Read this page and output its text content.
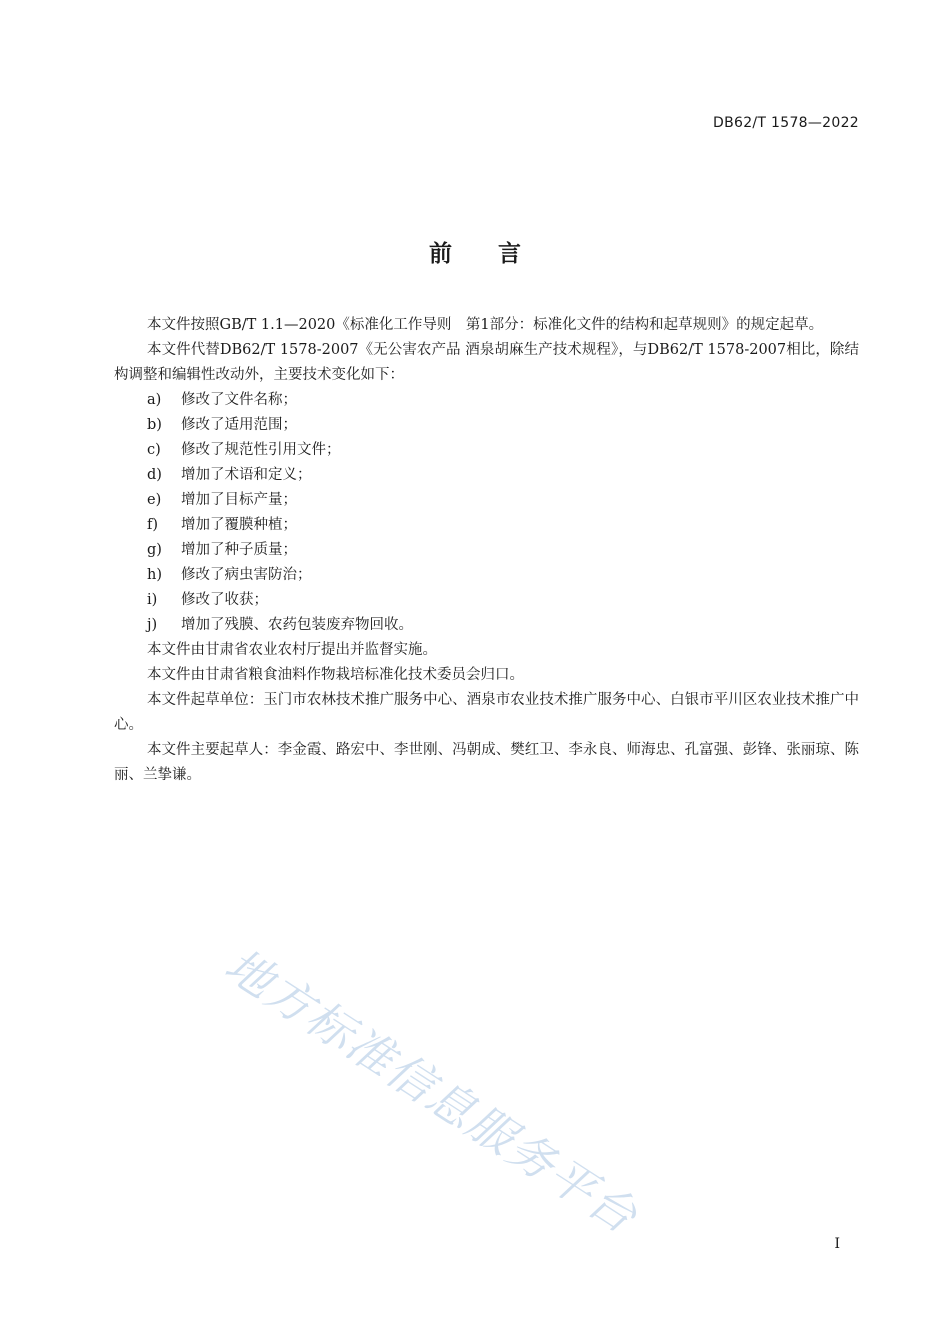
DB62/T 1578—2022
前 言

本文件按照GB/T 1.1—2020《标准化工作导则　第1部分：标准化文件的结构和起草规则》的规定起草。

本文件代替DB62/T 1578-2007《无公害农产品 酒泉胡麻生产技术规程》，与DB62/T 1578-2007相比，除结构调整和编辑性改动外，主要技术变化如下：

a)	修改了文件名称；
b)	修改了适用范围；
c)	修改了规范性引用文件；
d)	增加了术语和定义；
e)	增加了目标产量；
f)	增加了覆膜种植；
g)	增加了种子质量；
h)	修改了病虫害防治；
i)	修改了收获；
j)	增加了残膜、农药包装废弃物回收。

本文件由甘肃省农业农村厅提出并监督实施。

本文件由甘肃省粮食油料作物栽培标准化技术委员会归口。

本文件起草单位：玉门市农林技术推广服务中心、酒泉市农业技术推广服务中心、白银市平川区农业技术推广中心。

本文件主要起草人：李金霞、路宏中、李世刚、冯朝成、樊红卫、李永良、师海忠、孔富强、彭锋、张丽琼、陈丽、兰挚谦。

地方标准信息服务平台	I
